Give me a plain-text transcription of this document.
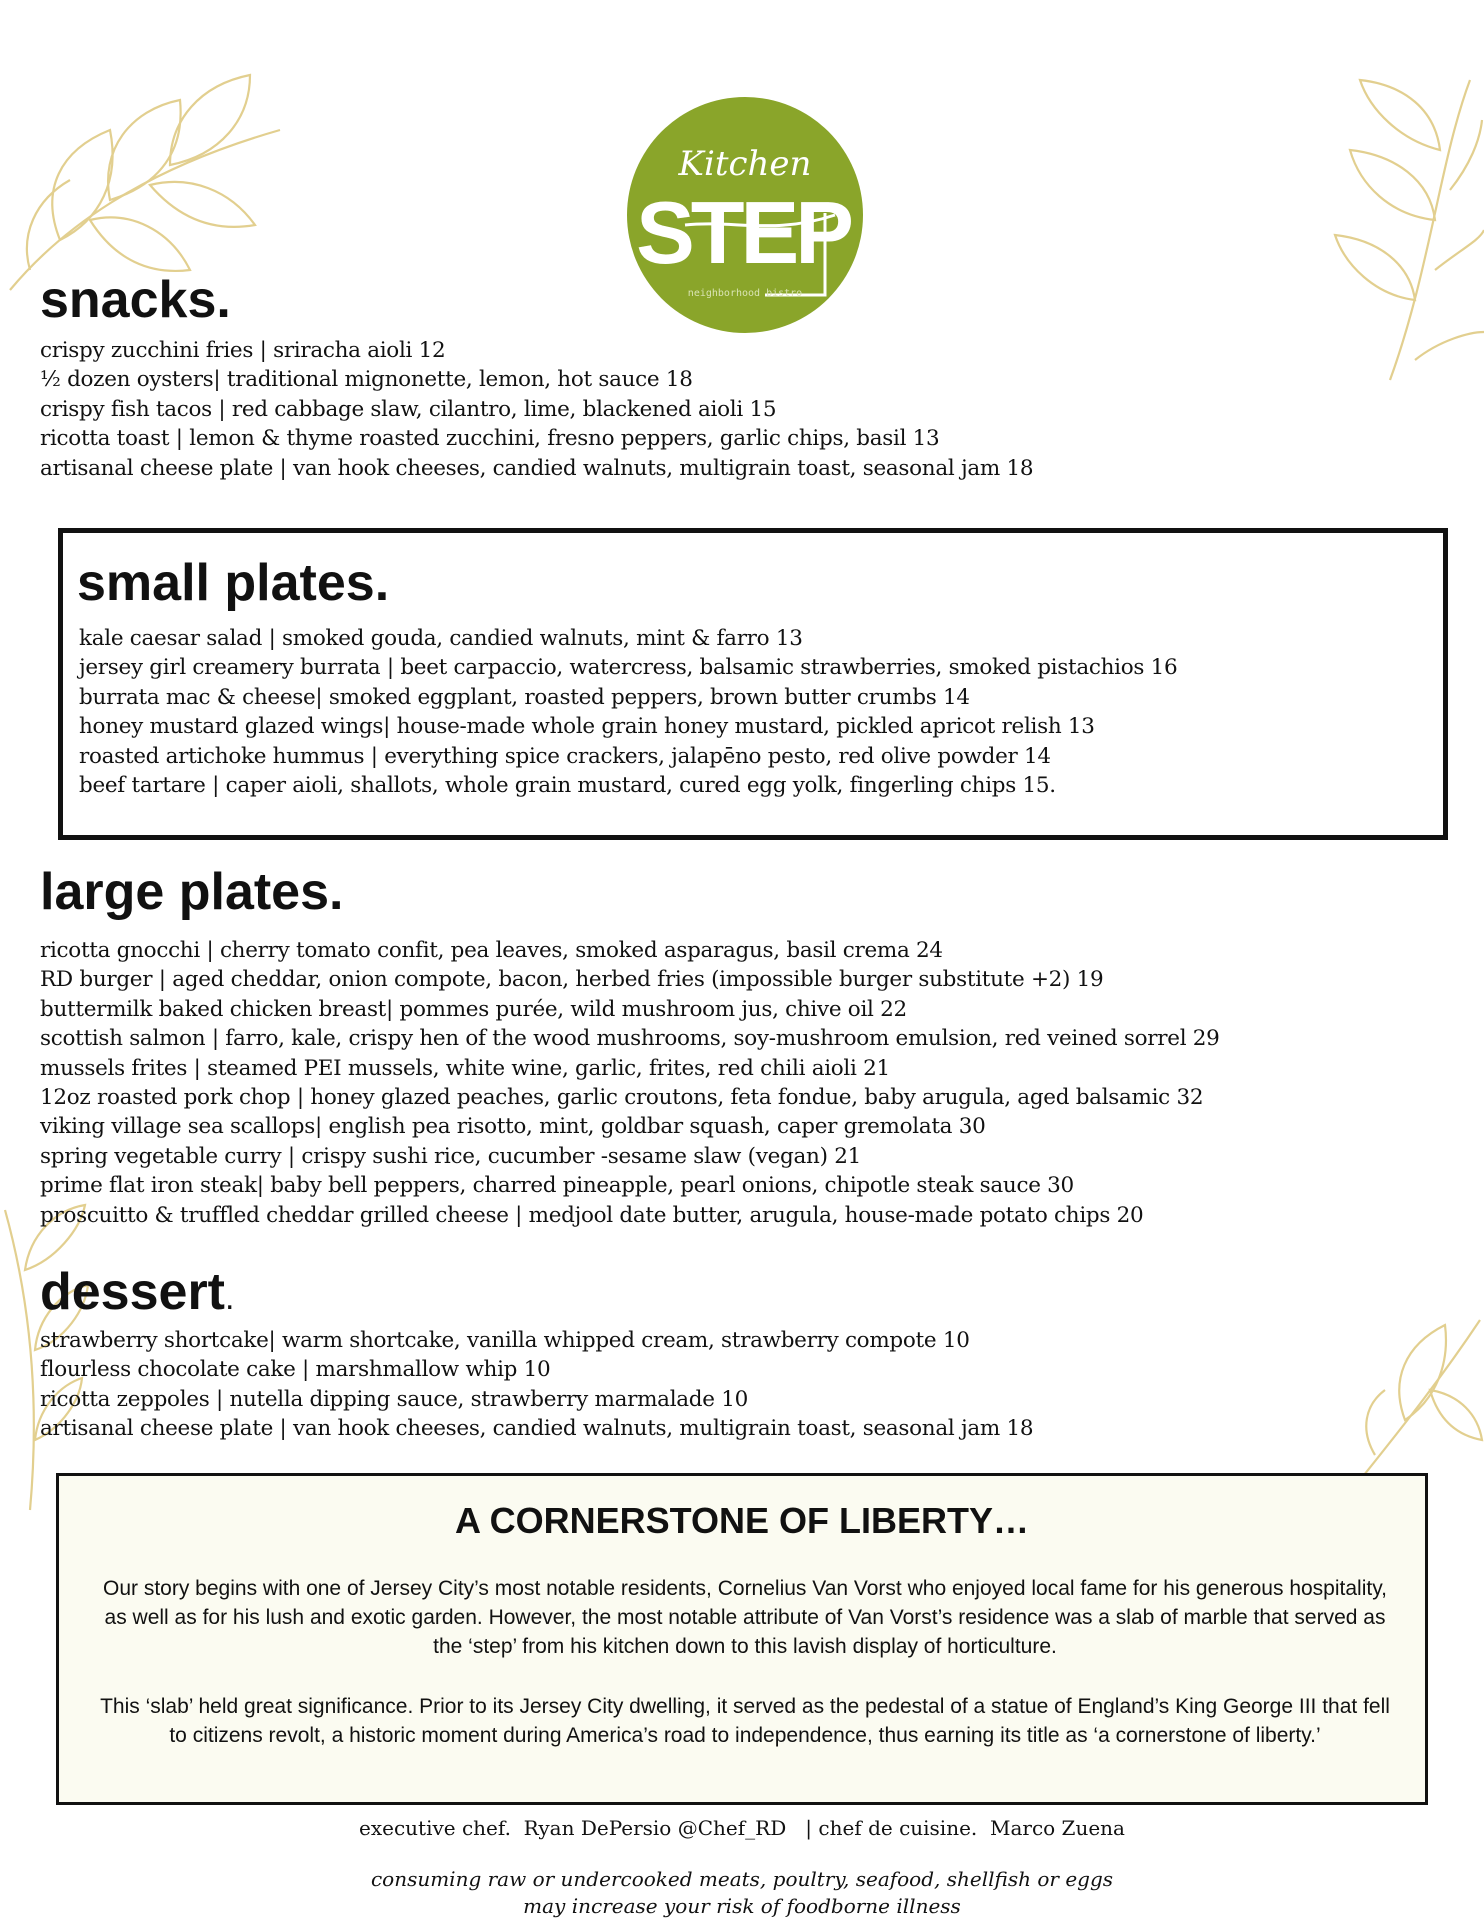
Kitchen
STEP
neighborhood bistro
snacks.
crispy zucchini fries | sriracha aioli 12
½ dozen oysters| traditional mignonette, lemon, hot sauce 18
crispy fish tacos | red cabbage slaw, cilantro, lime, blackened aioli 15
ricotta toast | lemon & thyme roasted zucchini, fresno peppers, garlic chips, basil 13
artisanal cheese plate | van hook cheeses, candied walnuts, multigrain toast, seasonal jam 18
small plates.
kale caesar salad | smoked gouda, candied walnuts, mint & farro 13
jersey girl creamery burrata | beet carpaccio, watercress, balsamic strawberries, smoked pistachios 16
burrata mac & cheese| smoked eggplant, roasted peppers, brown butter crumbs 14
honey mustard glazed wings| house-made whole grain honey mustard, pickled apricot relish 13
roasted artichoke hummus | everything spice crackers, jalapēno pesto, red olive powder 14
beef tartare | caper aioli, shallots, whole grain mustard, cured egg yolk, fingerling chips 15.
large plates.
ricotta gnocchi | cherry tomato confit, pea leaves, smoked asparagus, basil crema 24
RD burger | aged cheddar, onion compote, bacon, herbed fries (impossible burger substitute +2) 19
buttermilk baked chicken breast| pommes purée, wild mushroom jus, chive oil 22
scottish salmon | farro, kale, crispy hen of the wood mushrooms, soy-mushroom emulsion, red veined sorrel 29
mussels frites | steamed PEI mussels, white wine, garlic, frites, red chili aioli 21
12oz roasted pork chop | honey glazed peaches, garlic croutons, feta fondue, baby arugula, aged balsamic 32
viking village sea scallops| english pea risotto, mint, goldbar squash, caper gremolata 30
spring vegetable curry | crispy sushi rice, cucumber -sesame slaw (vegan) 21
prime flat iron steak| baby bell peppers, charred pineapple, pearl onions, chipotle steak sauce 30
proscuitto & truffled cheddar grilled cheese | medjool date butter, arugula, house-made potato chips 20
dessert.
strawberry shortcake| warm shortcake, vanilla whipped cream, strawberry compote 10
flourless chocolate cake | marshmallow whip 10
ricotta zeppoles | nutella dipping sauce, strawberry marmalade 10
artisanal cheese plate | van hook cheeses, candied walnuts, multigrain toast, seasonal jam 18
A CORNERSTONE OF LIBERTY…

Our story begins with one of Jersey City’s most notable residents, Cornelius Van Vorst who enjoyed local fame for his generous hospitality, as well as for his lush and exotic garden. However, the most notable attribute of Van Vorst’s residence was a slab of marble that served as the ‘step’ from his kitchen down to this lavish display of horticulture.

This ‘slab’ held great significance. Prior to its Jersey City dwelling, it served as the pedestal of a statue of England’s King George III that fell to citizens revolt, a historic moment during America’s road to independence, thus earning its title as ‘a cornerstone of liberty.’

executive chef.  Ryan DePersio @Chef_RD   | chef de cuisine.  Marco Zuena
consuming raw or undercooked meats, poultry, seafood, shellfish or eggs
may increase your risk of foodborne illness
